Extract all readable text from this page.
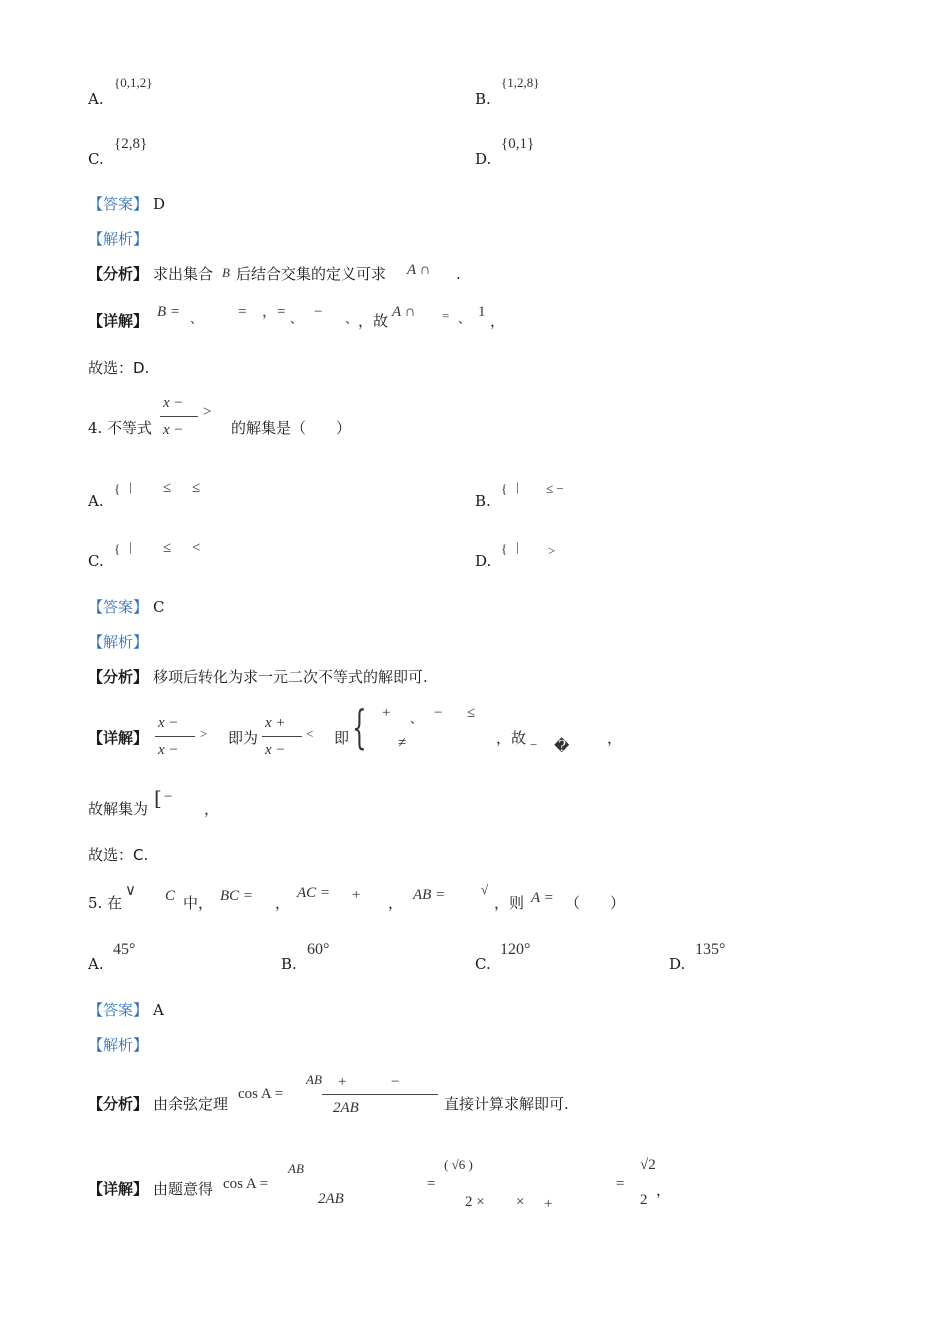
A.
{0,1,2}
B.
{1,2,8}
C.
{2,8}
D.
{0,1}
【答案】 D
【解析】
【分析】 求出集合 B 后结合交集的定义可求 A ∩ .
【详解】 B = 、 = ，= 、 − 、 ，故 A ∩ = 、 1 ，
故选：D.
4. 不等式
x −
x −
>
的解集是（ ）
A.
{ | ≤ ≤
B.
{ | ≤ −
C.
{ | ≤ <
D.
{ | >
【答案】 C
【解析】
【分析】 移项后转化为求一元二次不等式的解即可.
【详解】
x −
x −
> 即为
x +
x −
< 即 { + 、 − ≤
≠	，故 − �	，
故解集为 [ −
，
故选：C.
5. 在
∨ C 中， BC = ，
AC = + ， AB =	√
，则 A = （　　）
A.
45°
B.
60°
C.
120°
D.
135°
【答案】 A
【解析】
【分析】 由余弦定理
cos A =
AB +	−
2AB	直接计算求解即可.
【详解】 由题意得 cos A =
AB
2AB
=
( √6 )
2 × × +
=
√2
2
，
